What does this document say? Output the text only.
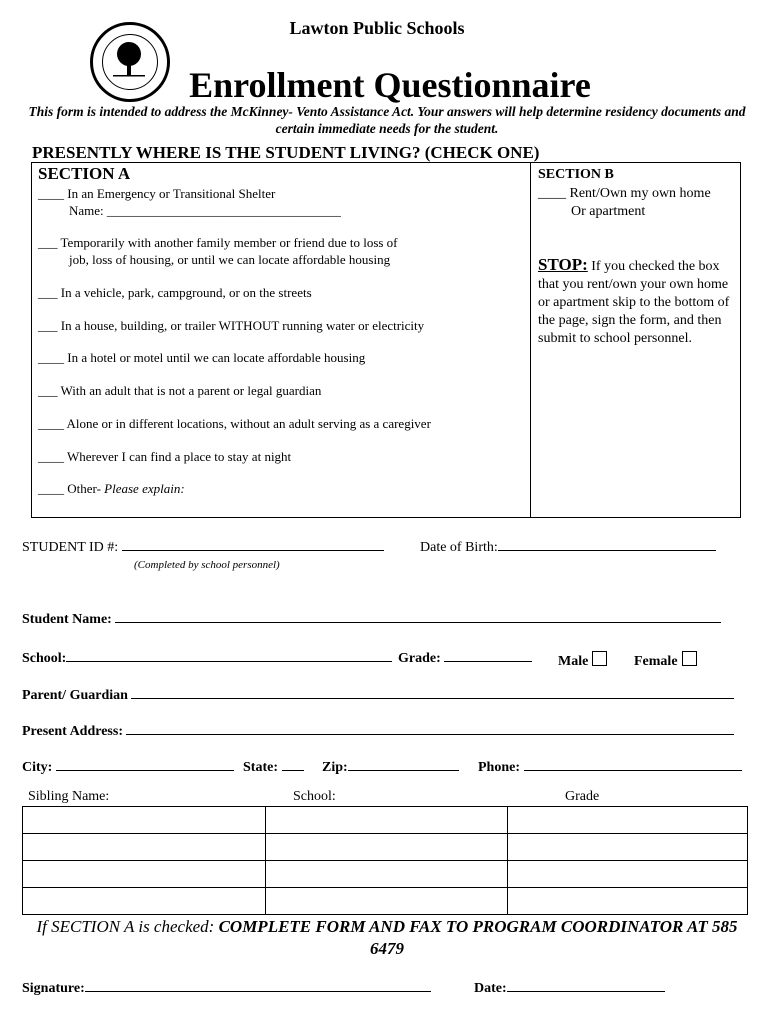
Lawton Public Schools
Enrollment Questionnaire
This form is intended to address the McKinney- Vento Assistance Act. Your answers will help determine residency documents and certain immediate needs for the student.
PRESENTLY WHERE IS THE STUDENT LIVING? (CHECK ONE)
SECTION A
____ In an Emergency or Transitional Shelter
Name: ____________________________________
___ Temporarily with another family member or friend due to loss of
job, loss of housing, or until we can locate affordable housing
___ In a vehicle, park, campground, or on the streets
___ In a house, building, or trailer WITHOUT running water or electricity
____ In a hotel or motel until we can locate affordable housing
___ With an adult that is not a parent or legal guardian
____ Alone or in different locations, without an adult serving as a caregiver
____ Wherever I can find a place to stay at night
____ Other- Please explain:
SECTION B
____ Rent/Own my own home
Or apartment
STOP: If you checked the box that you rent/own your own home or apartment skip to the bottom of the page, sign the form, and then submit to school personnel.
STUDENT ID #:
(Completed by school personnel)
Date of Birth:
Student Name:
School:	Grade:	Male	Female
Parent/ Guardian
Present Address:
City:	State:	Zip:	Phone:
Sibling Name:	School:	Grade

If SECTION A is checked: COMPLETE FORM AND FAX TO PROGRAM COORDINATOR AT 585 6479
Signature:	Date:
